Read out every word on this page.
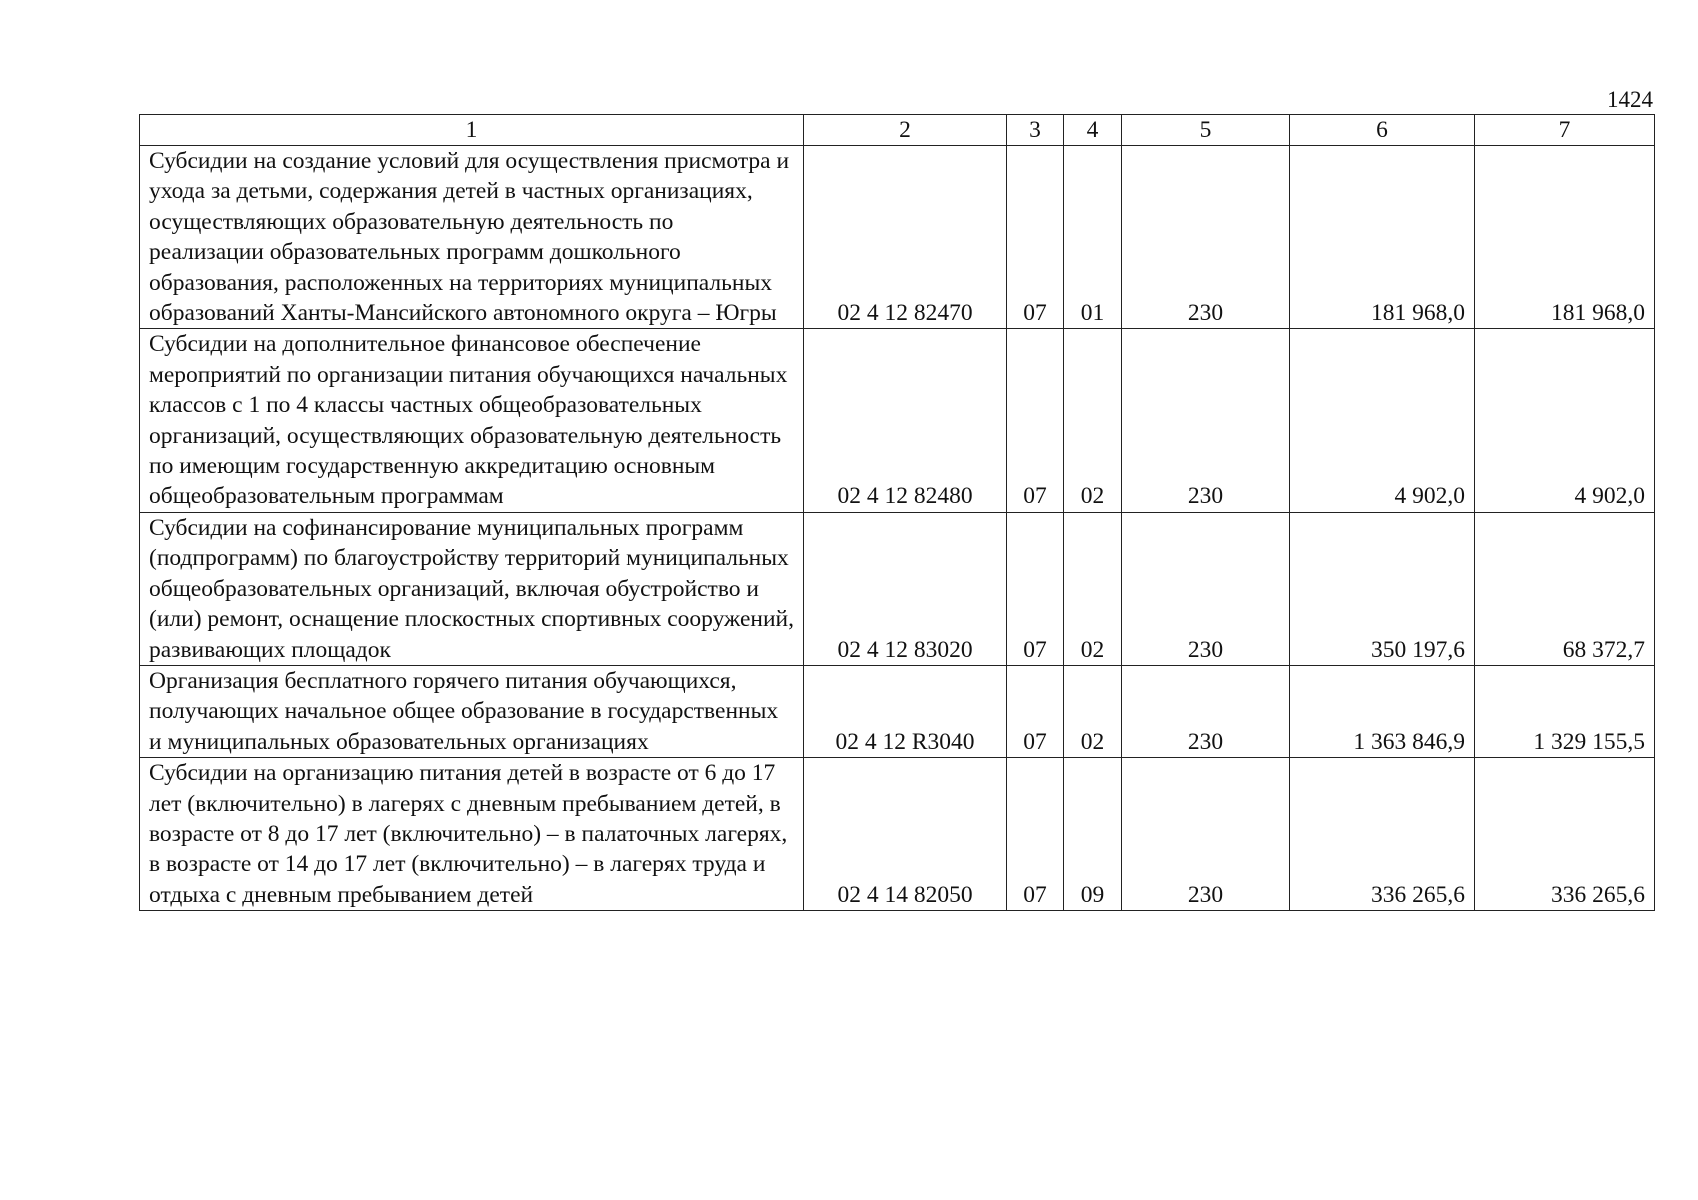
1424
1	2	3	4	5	6	7
Субсидии на создание условий для осуществления присмотра и ухода за детьми, содержания детей в частных организациях, осуществляющих образовательную деятельность по реализации образовательных программ дошкольного образования, расположенных на территориях муниципальных образований Ханты-Мансийского автономного округа – Югры	02 4 12 82470	07	01	230	181 968,0	181 968,0
Субсидии на дополнительное финансовое обеспечение мероприятий по организации питания обучающихся начальных классов с 1 по 4 классы частных общеобразовательных организаций, осуществляющих образовательную деятельность по имеющим государственную аккредитацию основным общеобразовательным программам	02 4 12 82480	07	02	230	4 902,0	4 902,0
Субсидии на софинансирование муниципальных программ (подпрограмм) по благоустройству территорий муниципальных общеобразовательных организаций, включая обустройство и (или) ремонт, оснащение плоскостных спортивных сооружений, развивающих площадок	02 4 12 83020	07	02	230	350 197,6	68 372,7
Организация бесплатного горячего питания обучающихся, получающих начальное общее образование в государственных и муниципальных образовательных организациях	02 4 12 R3040	07	02	230	1 363 846,9	1 329 155,5
Субсидии на организацию питания детей в возрасте от 6 до 17 лет (включительно) в лагерях с дневным пребыванием детей, в возрасте от 8 до 17 лет (включительно) – в палаточных лагерях, в возрасте от 14 до 17 лет (включительно) – в лагерях труда и отдыха с дневным пребыванием детей	02 4 14 82050	07	09	230	336 265,6	336 265,6
